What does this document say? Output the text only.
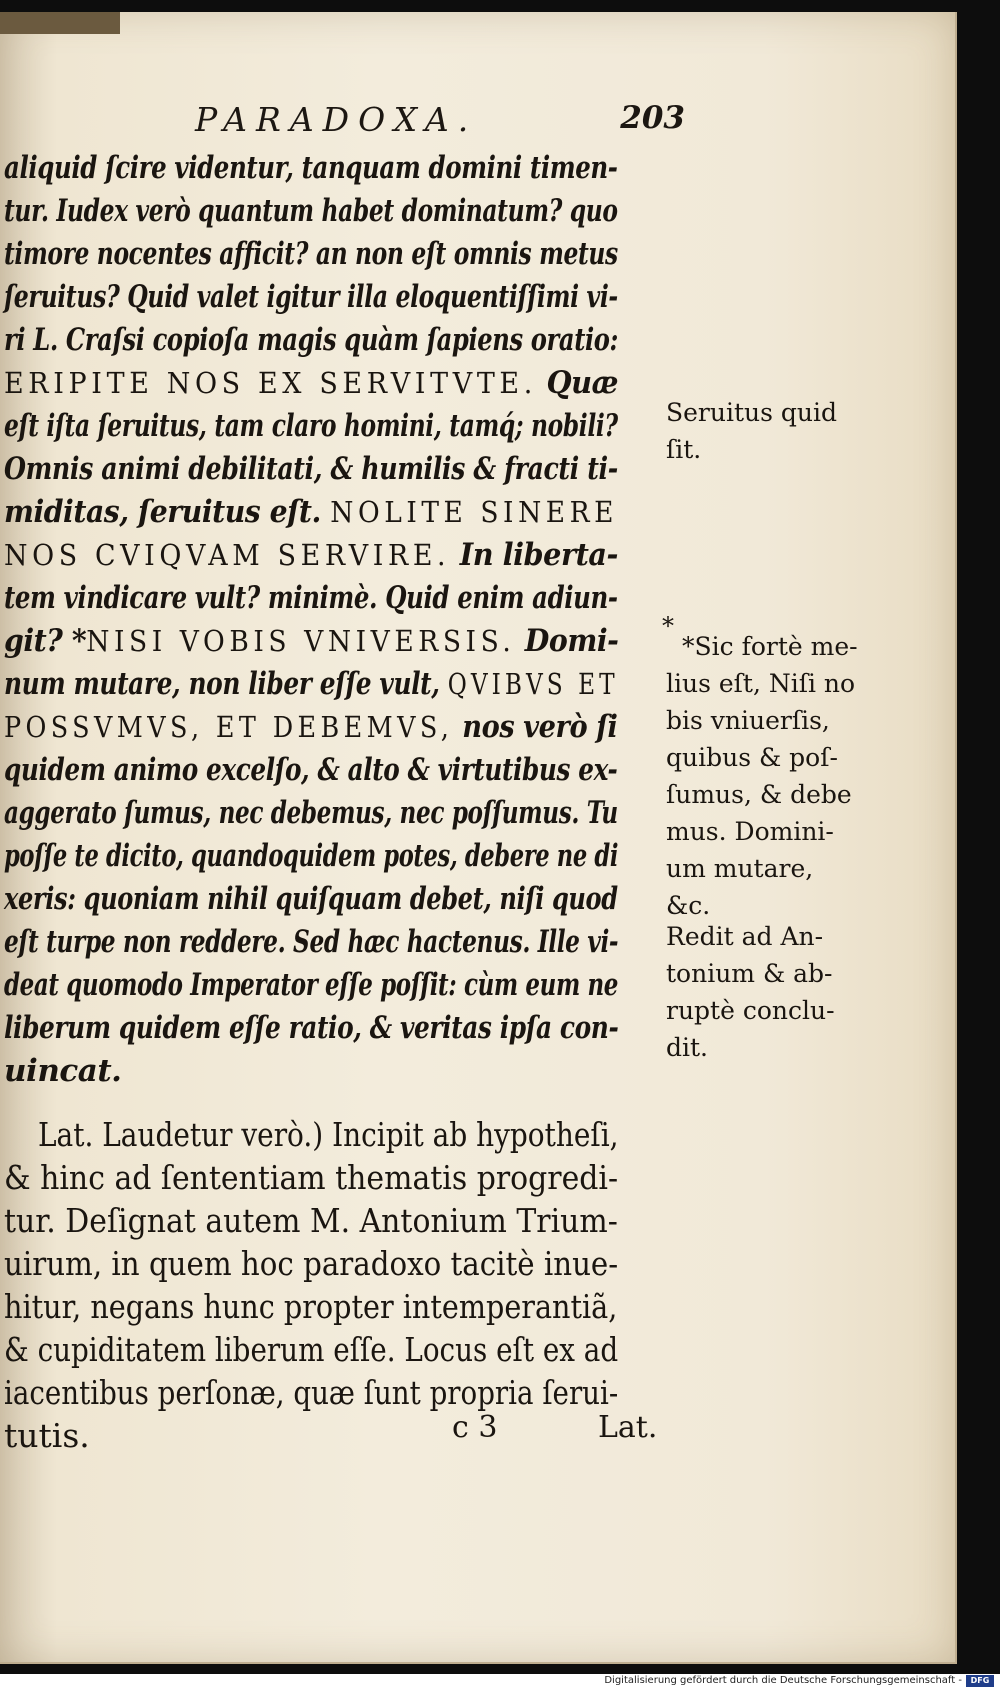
PARADOXA.	203
aliquid ſcire videntur, tanquam domini timen-
tur. Iudex verò quantum habet dominatum? quo
timore nocentes afficit? an non eſt omnis metus
ſeruitus? Quid valet igitur illa eloquentiſſimi vi-
ri L. Craſsi copioſa magis quàm ſapiens oratio:
ERIPITE NOS EX SERVITVTE. Quæ
eſt iſta ſeruitus, tam claro homini, tamq́; nobili?
Omnis animi debilitati, & humilis & fracti ti-
miditas, ſeruitus eſt. NOLITE SINERE
NOS CVIQVAM SERVIRE. In liberta-
tem vindicare vult? minimè. Quid enim adiun-
git? *NISI VOBIS VNIVERSIS. Domi-
num mutare, non liber eſſe vult, QVIBVS ET
POSSVMVS, ET DEBEMVS, nos verò ſi
quidem animo excelſo, & alto & virtutibus ex-
aggerato ſumus, nec debemus, nec poſſumus. Tu
poſſe te dicito, quandoquidem potes, debere ne di
xeris: quoniam nihil quiſquam debet, niſi quod
eſt turpe non reddere. Sed hæc hactenus. Ille vi-
deat quomodo Imperator eſſe poſſit: cùm eum ne
liberum quidem eſſe ratio, & veritas ipſa con-
uincat.
Lat. Laudetur verò.) Incipit ab hypotheſi,
& hinc ad ſententiam thematis progredi-
tur. Deſignat autem M. Antonium Trium-
uirum, in quem hoc paradoxo tacitè inue-
hitur, negans hunc propter intemperantiã,
& cupiditatem liberum eſſe. Locus eſt ex ad
iacentibus perſonæ, quæ ſunt propria ſerui-
tutis.	c 3	Lat.
Seruitus quid
ſit.
*
*Sic fortè me-
lius eſt, Niſi no
bis vniuerſis,
quibus & poſ-
ſumus, & debe
mus. Domini-
um mutare,
&c.
Redit ad An-
tonium & ab-
ruptè conclu-
dit.
Digitalisierung gefördert durch die Deutsche Forschungsgemeinschaft -	DFG
